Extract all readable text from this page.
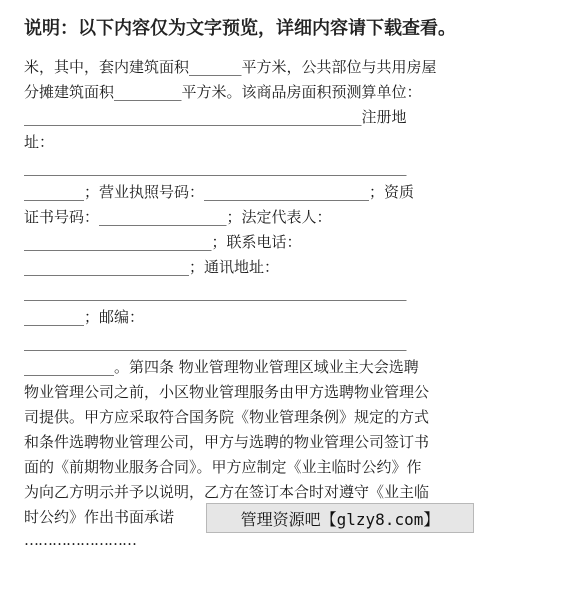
说明：以下内容仅为文字预览，详细内容请下载查看。
米，其中，套内建筑面积_______平方米，公共部位与共用房屋
分摊建筑面积_________平方米。该商品房面积预测算单位：
_____________________________________________注册地
址：
___________________________________________________
________；营业执照号码：______________________；资质
证书号码：_________________；法定代表人：
_________________________；联系电话：
______________________；通讯地址：
___________________________________________________
________；邮编：
___________________________________________________
____________。第四条 物业管理物业管理区域业主大会选聘
物业管理公司之前，小区物业管理服务由甲方选聘物业管理公
司提供。甲方应采取符合国务院《物业管理条例》规定的方式
和条件选聘物业管理公司，甲方与选聘的物业管理公司签订书
面的《前期物业服务合同》。甲方应制定《业主临时公约》作
为向乙方明示并予以说明，乙方在签订本合时对遵守《业主临
时公约》作出书面承诺	管理资源吧【glzy8.com】
……………………
